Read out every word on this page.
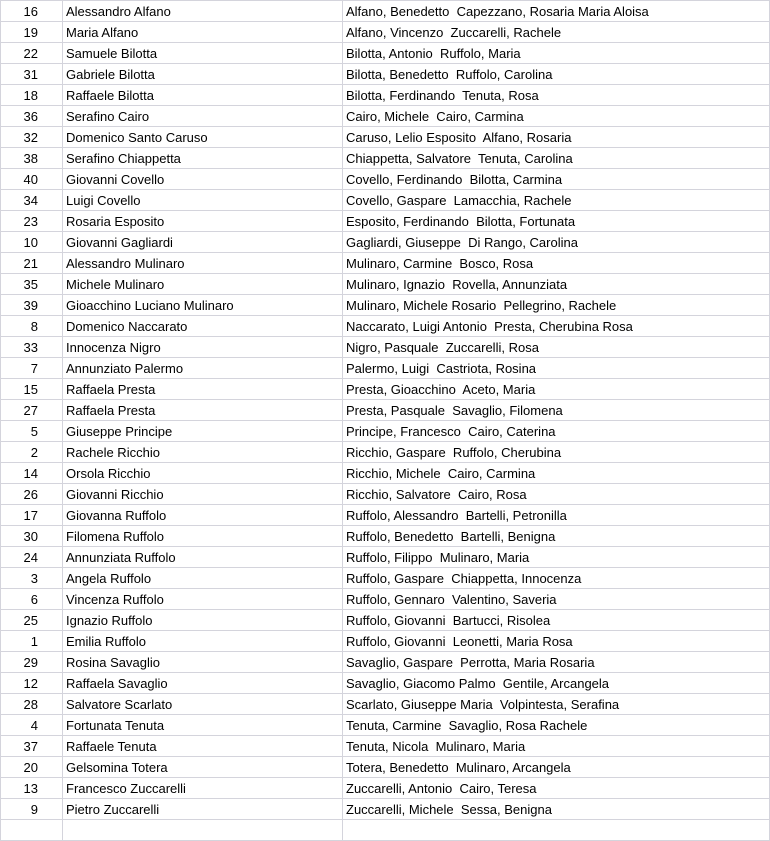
16	Alessandro Alfano	Alfano, Benedetto  Capezzano, Rosaria Maria Aloisa
19	Maria Alfano	Alfano, Vincenzo  Zuccarelli, Rachele
22	Samuele Bilotta	Bilotta, Antonio  Ruffolo, Maria
31	Gabriele Bilotta	Bilotta, Benedetto  Ruffolo, Carolina
18	Raffaele Bilotta	Bilotta, Ferdinando  Tenuta, Rosa
36	Serafino Cairo	Cairo, Michele  Cairo, Carmina
32	Domenico Santo Caruso	Caruso, Lelio Esposito  Alfano, Rosaria
38	Serafino Chiappetta	Chiappetta, Salvatore  Tenuta, Carolina
40	Giovanni Covello	Covello, Ferdinando  Bilotta, Carmina
34	Luigi Covello	Covello, Gaspare  Lamacchia, Rachele
23	Rosaria Esposito	Esposito, Ferdinando  Bilotta, Fortunata
10	Giovanni Gagliardi	Gagliardi, Giuseppe  Di Rango, Carolina
21	Alessandro Mulinaro	Mulinaro, Carmine  Bosco, Rosa
35	Michele Mulinaro	Mulinaro, Ignazio  Rovella, Annunziata
39	Gioacchino Luciano Mulinaro	Mulinaro, Michele Rosario  Pellegrino, Rachele
8	Domenico Naccarato	Naccarato, Luigi Antonio  Presta, Cherubina Rosa
33	Innocenza Nigro	Nigro, Pasquale  Zuccarelli, Rosa
7	Annunziato Palermo	Palermo, Luigi  Castriota, Rosina
15	Raffaela Presta	Presta, Gioacchino  Aceto, Maria
27	Raffaela Presta	Presta, Pasquale  Savaglio, Filomena
5	Giuseppe Principe	Principe, Francesco  Cairo, Caterina
2	Rachele Ricchio	Ricchio, Gaspare  Ruffolo, Cherubina
14	Orsola Ricchio	Ricchio, Michele  Cairo, Carmina
26	Giovanni Ricchio	Ricchio, Salvatore  Cairo, Rosa
17	Giovanna Ruffolo	Ruffolo, Alessandro  Bartelli, Petronilla
30	Filomena Ruffolo	Ruffolo, Benedetto  Bartelli, Benigna
24	Annunziata Ruffolo	Ruffolo, Filippo  Mulinaro, Maria
3	Angela Ruffolo	Ruffolo, Gaspare  Chiappetta, Innocenza
6	Vincenza Ruffolo	Ruffolo, Gennaro  Valentino, Saveria
25	Ignazio Ruffolo	Ruffolo, Giovanni  Bartucci, Risolea
1	Emilia Ruffolo	Ruffolo, Giovanni  Leonetti, Maria Rosa
29	Rosina Savaglio	Savaglio, Gaspare  Perrotta, Maria Rosaria
12	Raffaela Savaglio	Savaglio, Giacomo Palmo  Gentile, Arcangela
28	Salvatore Scarlato	Scarlato, Giuseppe Maria  Volpintesta, Serafina
4	Fortunata Tenuta	Tenuta, Carmine  Savaglio, Rosa Rachele
37	Raffaele Tenuta	Tenuta, Nicola  Mulinaro, Maria
20	Gelsomina Totera	Totera, Benedetto  Mulinaro, Arcangela
13	Francesco Zuccarelli	Zuccarelli, Antonio  Cairo, Teresa
9	Pietro Zuccarelli	Zuccarelli, Michele  Sessa, Benigna
